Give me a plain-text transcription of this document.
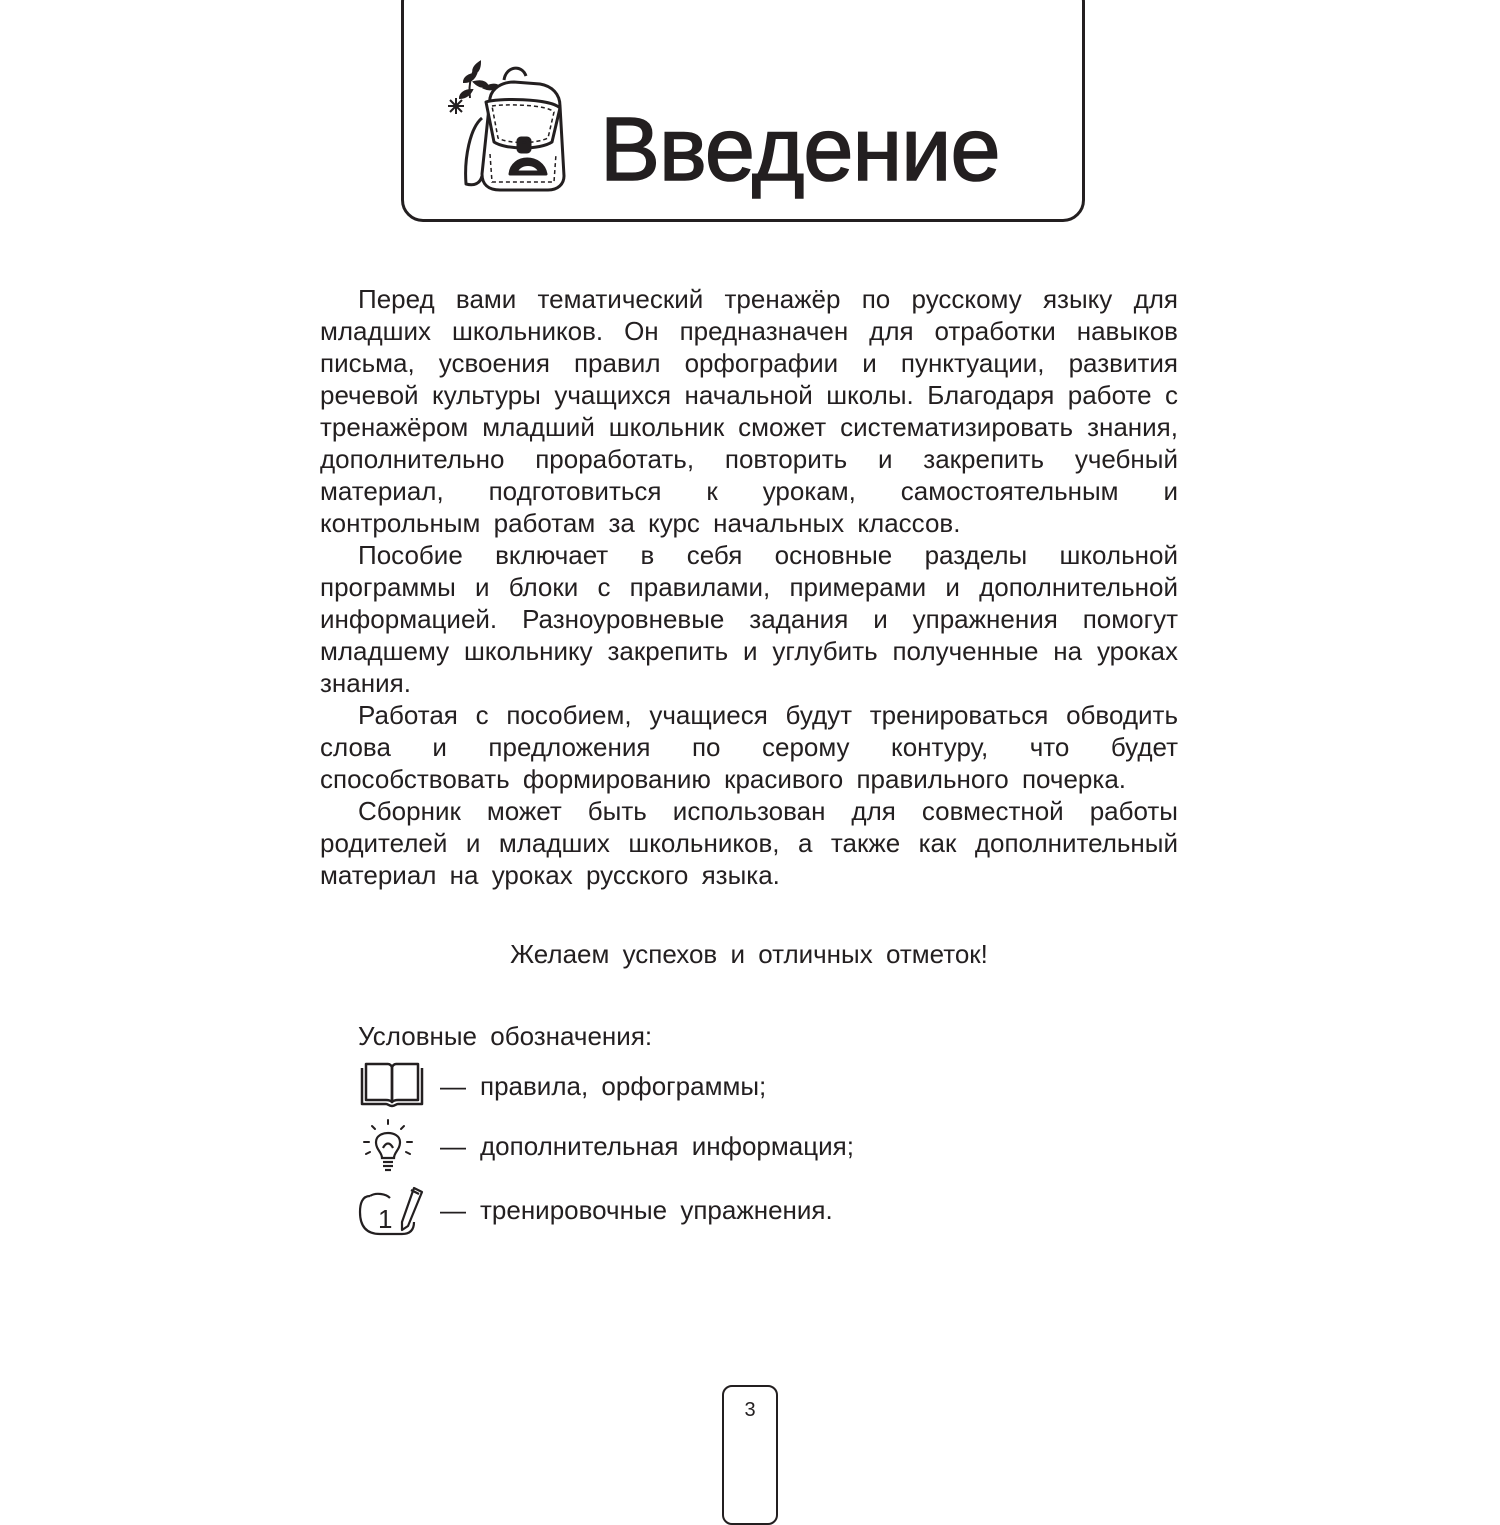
Введение

Перед вами тематический тренажёр по русскому языку для младших школьников. Он предназначен для отработки навыков письма, усвоения правил орфографии и пунктуации, развития речевой культуры учащихся начальной школы. Благодаря работе с тренажёром младший школьник сможет систематизировать знания, дополнительно проработать, повторить и закрепить учебный материал, подготовиться к урокам, самостоятельным и контрольным работам за курс начальных классов.

Пособие включает в себя основные разделы школьной программы и блоки с правилами, примерами и дополнительной информацией. Разноуровневые задания и упражнения помогут младшему школьнику закрепить и углубить полученные на уроках знания.

Работая с пособием, учащиеся будут тренироваться обводить слова и предложения по серому контуру, что будет способствовать формированию красивого правильного почерка.

Сборник может быть использован для совместной работы родителей и младших школьников, а также как дополнительный материал на уроках русского языка.

Желаем успехов и отличных отметок!
Условные обозначения:
— правила, орфограммы;
— дополнительная информация;
1 — тренировочные упражнения.
3
